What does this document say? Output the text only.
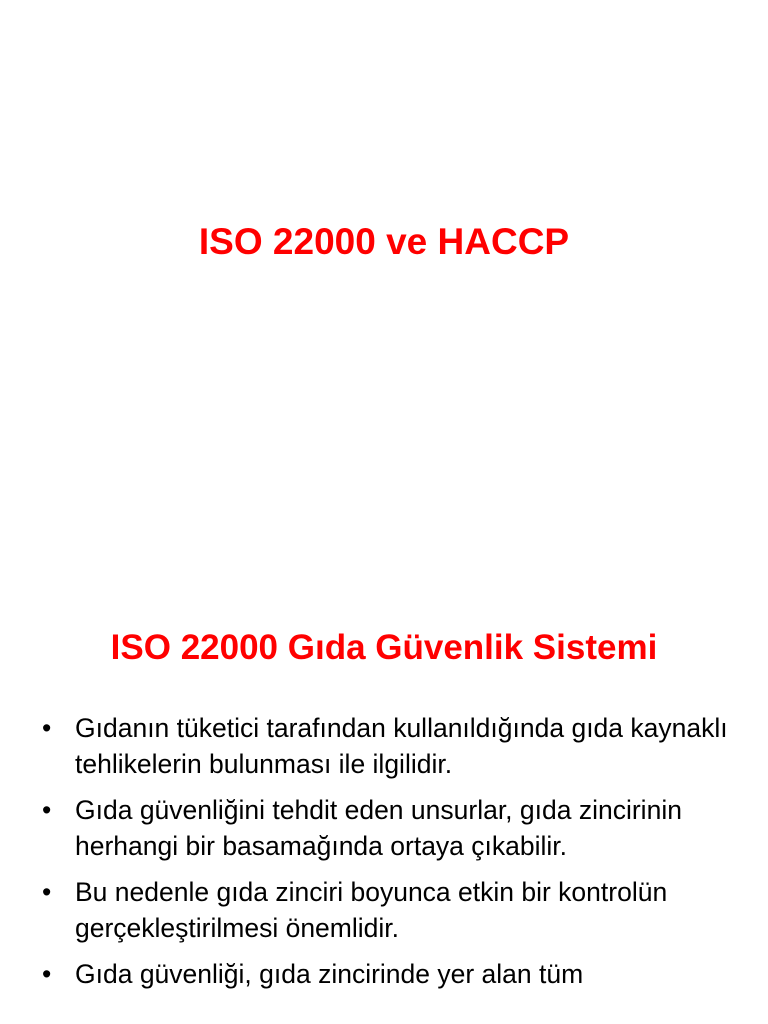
ISO 22000 ve HACCP
ISO 22000 Gıda Güvenlik Sistemi
• Gıdanın tüketici tarafından kullanıldığında gıda kaynaklı tehlikelerin bulunması ile ilgilidir.
• Gıda güvenliğini tehdit eden unsurlar, gıda zincirinin herhangi bir basamağında ortaya çıkabilir.
• Bu nedenle gıda zinciri boyunca etkin bir kontrolün gerçekleştirilmesi önemlidir.
• Gıda güvenliği, gıda zincirinde yer alan tüm
